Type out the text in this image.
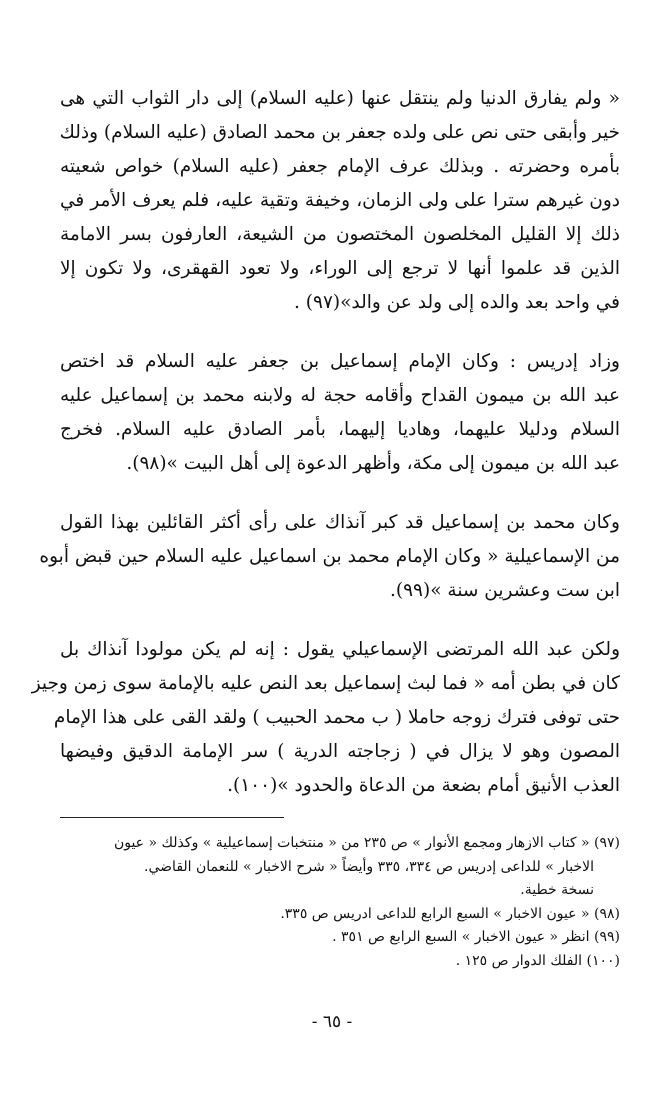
« ولم يفارق الدنيا ولم ينتقل عنها (عليه السلام) إلى دار الثواب التي هى
خير وأبقى حتى نص على ولده جعفر بن محمد الصادق (عليه السلام) وذلك
بأمره وحضرته . وبذلك عرف الإمام جعفر (عليه السلام) خواص شعيته
دون غيرهم سترا على ولى الزمان، وخيفة وتقية عليه، فلم يعرف الأمر في
ذلك إلا القليل المخلصون المختصون من الشيعة، العارفون بسر الامامة
الذين قد علموا أنها لا ترجع إلى الوراء، ولا تعود القهقرى، ولا تكون إلا
في واحد بعد والده إلى ولد عن والد»(٩٧) .

وزاد إدريس : وكان الإمام إسماعيل بن جعفر عليه السلام قد اختص
عبد الله بن ميمون القداح وأقامه حجة له ولابنه محمد بن إسماعيل عليه
السلام ودليلا عليهما، وهاديا إليهما، بأمر الصادق عليه السلام. فخرج
عبد الله بن ميمون إلى مكة، وأظهر الدعوة إلى أهل البيت »(٩٨).

وكان محمد بن إسماعيل قد كبر آنذاك على رأى أكثر القائلين بهذا القول
من الإسماعيلية « وكان الإمام محمد بن اسماعيل عليه السلام حين قبض أبوه
ابن ست وعشرين سنة »(٩٩).

ولكن عبد الله المرتضى الإسماعيلي يقول : إنه لم يكن مولودا آنذاك بل
كان في بطن أمه « فما لبث إسماعيل بعد النص عليه بالإمامة سوى زمن وجيز
حتى توفى فترك زوجه حاملا ( ب محمد الحبيب ) ولقد القى على هذا الإمام
المصون وهو لا يزال في ( زجاجته الدرية ) سر الإمامة الدقيق وفيضها
العذب الأنيق أمام بضعة من الدعاة والحدود »(١٠٠).

(٩٧) « كتاب الازهار ومجمع الأنوار » ص ٢٣٥ من « منتخبات إسماعيلية » وكذلك « عيون
الاخبار » للداعى إدريس ص ٣٣٤، ٣٣٥ وأيضاً « شرح الاخبار » للنعمان القاضي.
نسخة خطية.
(٩٨) « عيون الاخبار » السبع الرابع للداعى ادريس ص ٣٣٥.
(٩٩) انظر « عيون الاخبار » السبع الرابع ص ٣٥١ .
(١٠٠) الفلك الدوار ص ١٢٥ .
- ٦٥ -
